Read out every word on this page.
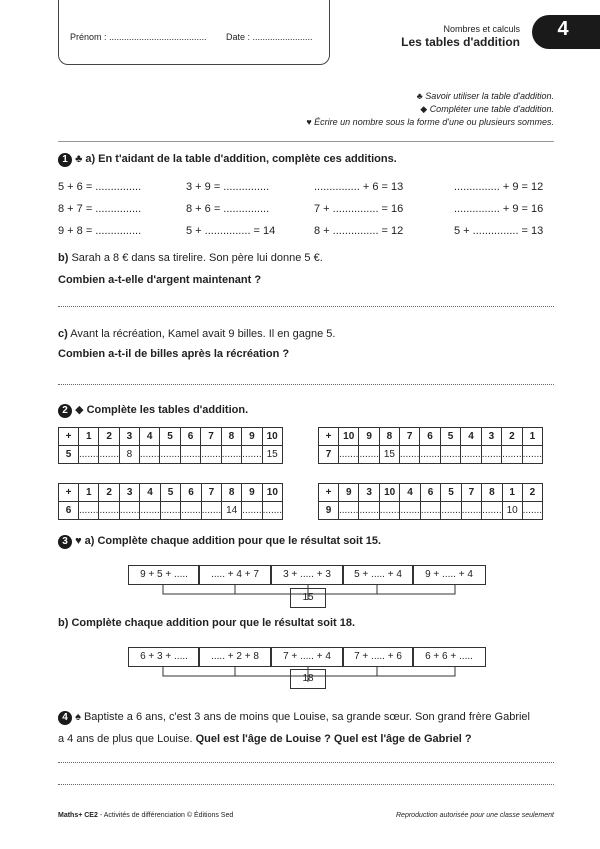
Prénom : ....................................... Date : ........................
Nombres et calculs
Les tables d'addition
4
♣ Savoir utiliser la table d'addition.
◆ Compléter une table d'addition.
♥ Écrire un nombre sous la forme d'une ou plusieurs sommes.
1 ♣ a) En t'aidant de la table d'addition, complète ces additions.
5 + 6 = ...............	3 + 9 = ...............	............... + 6 = 13	............... + 9 = 12
8 + 7 = ...............	8 + 6 = ...............	7 + ............... = 16	............... + 9 = 16
9 + 8 = ...............	5 + ............... = 14	8 + ............... = 12	5 + ............... = 13
b) Sarah a 8 € dans sa tirelire. Son père lui donne 5 €.
Combien a-t-elle d'argent maintenant ?
c) Avant la récréation, Kamel avait 9 billes. Il en gagne 5.
Combien a-t-il de billes après la récréation ?
2 ◆ Complète les tables d'addition.
+	1	2	3	4	5	6	7	8	9	10
5	.......	.......	8	.......	.......	.......	.......	.......	.......	15
+	10	9	8	7	6	5	4	3	2	1
7	.......	.......	15	.......	.......	.......	.......	.......	.......	.......
+	1	2	3	4	5	6	7	8	9	10
6	.......	.......	.......	.......	.......	.......	.......	14	.......	.......
+	9	3	10	4	6	5	7	8	1	2
9	.......	.......	.......	.......	.......	.......	.......	.......	10	.......
3 ♥ a) Complète chaque addition pour que le résultat soit 15.
9 + 5 + .....	..... + 4 + 7	3 + ..... + 3	5 + ..... + 4	9 + ..... + 4
15
b) Complète chaque addition pour que le résultat soit 18.
6 + 3 + .....	..... + 2 + 8	7 + ..... + 4	7 + ..... + 6	6 + 6 + .....
18
4 ♠ Baptiste a 6 ans, c'est 3 ans de moins que Louise, sa grande sœur. Son grand frère Gabriel
a 4 ans de plus que Louise. Quel est l'âge de Louise ? Quel est l'âge de Gabriel ?
Maths+ CE2 - Activités de différenciation © Éditions Sed	Reproduction autorisée pour une classe seulement
